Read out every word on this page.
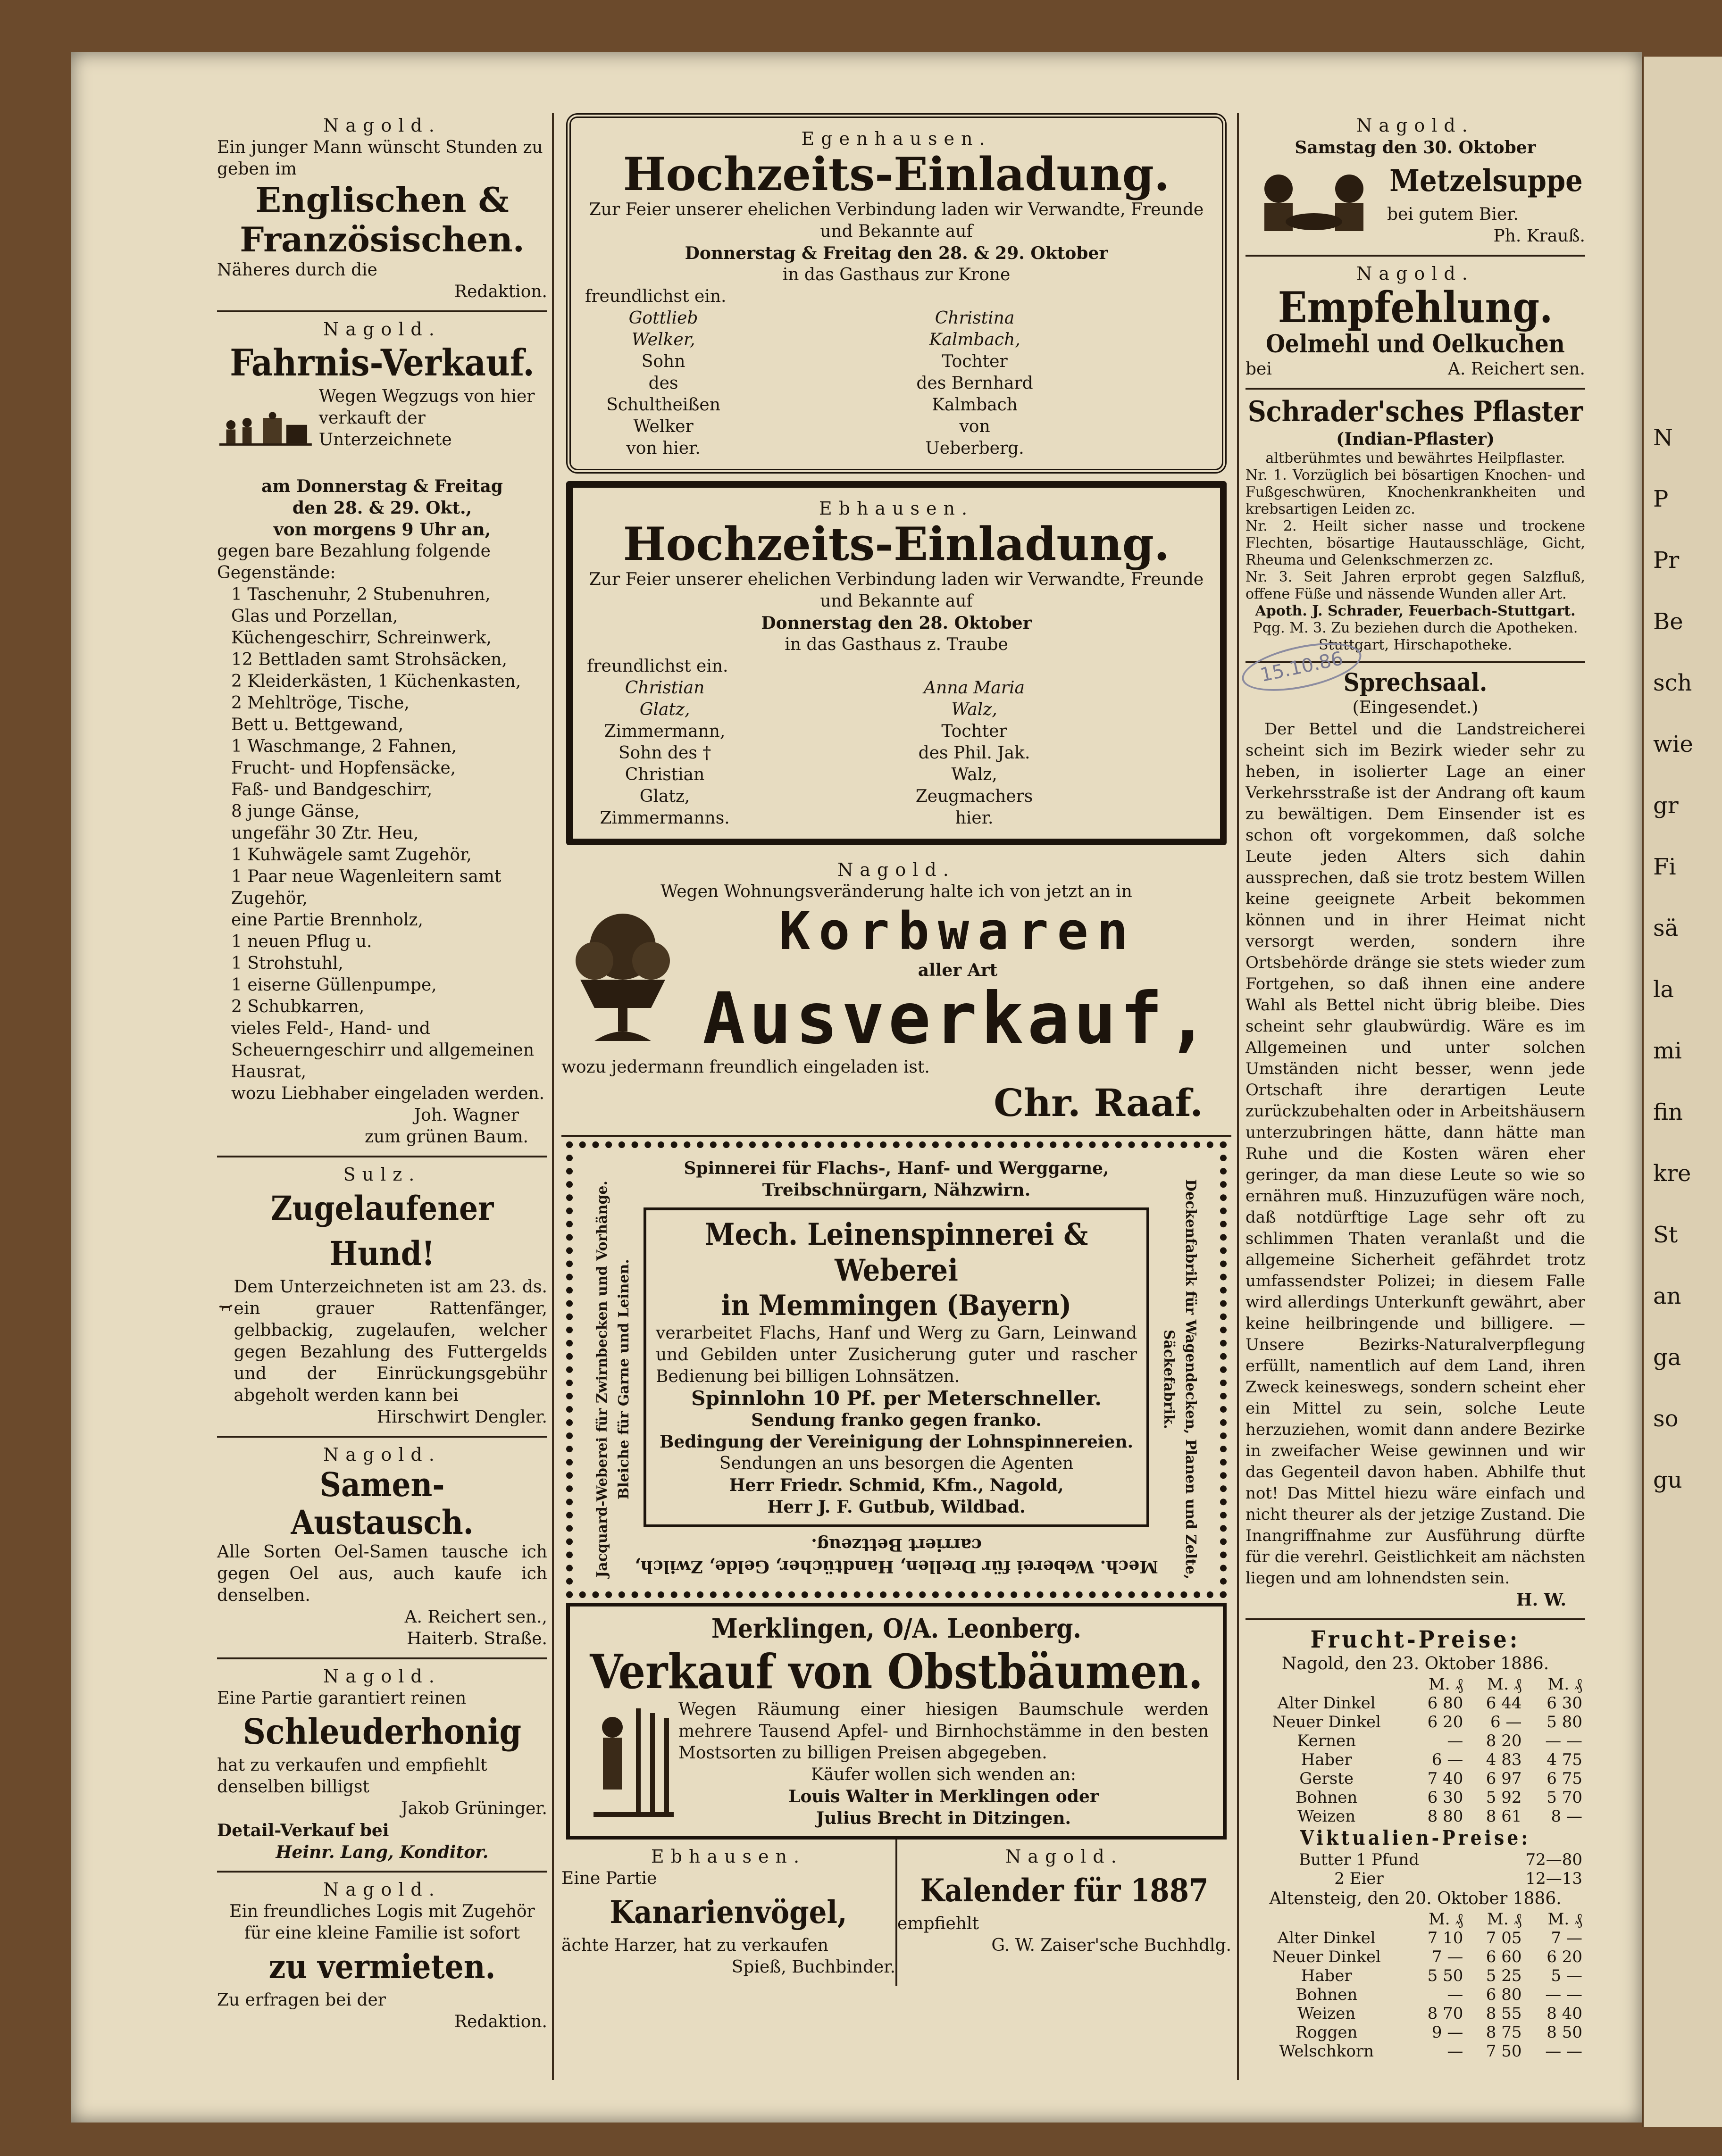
N
P
Pr
Be
sch
wie
gr
Fi
sä
la
mi
fin
kre
St
an
ga
so
gu
Nagold.
Ein junger Mann wünscht Stunden zu geben im
Englischen &
Französischen.
Näheres durch die
Redaktion.
Nagold.
Fahrnis-Verkauf.
Wegen Wegzugs von hier verkauft der Unterzeichnete
am Donnerstag & Freitag
den 28. & 29. Okt.,
von morgens 9 Uhr an,
gegen bare Bezahlung folgende Gegenstände:
1 Taschenuhr, 2 Stubenuhren,
Glas und Porzellan,
Küchengeschirr, Schreinwerk,
12 Bettladen samt Strohsäcken,
2 Kleiderkästen, 1 Küchenkasten,
2 Mehltröge, Tische,
Bett u. Bettgewand,
1 Waschmange, 2 Fahnen,
Frucht- und Hopfensäcke,
Faß- und Bandgeschirr,
8 junge Gänse,
ungefähr 30 Ztr. Heu,
1 Kuhwägele samt Zugehör,
1 Paar neue Wagenleitern samt Zugehör,
eine Partie Brennholz,
1 neuen Pflug u.
1 Strohstuhl,
1 eiserne Güllenpumpe,
2 Schubkarren,
vieles Feld-, Hand- und Scheuerngeschirr und allgemeinen Hausrat,
wozu Liebhaber eingeladen werden.
Joh. Wagner
zum grünen Baum.
Sulz.
Zugelaufener Hund!
Dem Unterzeichneten ist am 23. ds. ein grauer Rattenfänger, gelbbackig, zugelaufen, welcher gegen Bezahlung des Futtergelds und der Einrückungsgebühr abgeholt werden kann bei
Hirschwirt Dengler.
Nagold.
Samen-
Austausch.
Alle Sorten Oel-Samen tausche ich gegen Oel aus, auch kaufe ich denselben.
A. Reichert sen.,
Haiterb. Straße.
Nagold.
Eine Partie garantiert reinen
Schleuderhonig
hat zu verkaufen und empfiehlt denselben billigst
Jakob Grüninger.
Detail-Verkauf bei
Heinr. Lang, Konditor.
Nagold.
Ein freundliches Logis mit Zugehör für eine kleine Familie ist sofort
zu vermieten.
Zu erfragen bei der
Redaktion.
Egenhausen.
Hochzeits-Einladung.
Zur Feier unserer ehelichen Verbindung laden wir Verwandte, Freunde und Bekannte auf
Donnerstag & Freitag den 28. & 29. Oktober
in das Gasthaus zur Krone
freundlichst ein.
Gottlieb Welker,
Sohn
des Schultheißen Welker
von hier.
Christina Kalmbach,
Tochter
des Bernhard Kalmbach
von Ueberberg.
Ebhausen.
Hochzeits-Einladung.
Zur Feier unserer ehelichen Verbindung laden wir Verwandte, Freunde und Bekannte auf
Donnerstag den 28. Oktober
in das Gasthaus z. Traube
freundlichst ein.
Christian Glatz,
Zimmermann,
Sohn des † Christian Glatz,
Zimmermanns.
Anna Maria Walz,
Tochter
des Phil. Jak. Walz,
Zeugmachers hier.
Nagold.
Wegen Wohnungsveränderung halte ich von jetzt an in
Korbwaren
aller Art
Ausverkauf,
wozu jedermann freundlich eingeladen ist.
Chr. Raaf.
Spinnerei für Flachs-, Hanf- und Werggarne, Treibschnürgarn, Nähzwirn.
Jacquard-Weberei für Zwirnbecken und Vorhänge. Bleiche für Garne und Leinen.	Deckenfabrik für Wagendecken, Planen und Zelte, Säckefabrik.
Mech. Leinenspinnerei & Weberei
in Memmingen (Bayern)
verarbeitet Flachs, Hanf und Werg zu Garn, Leinwand und Gebilden unter Zusicherung guter und rascher Bedienung bei billigen Lohnsätzen.
Spinnlohn 10 Pf. per Meterschneller.
Sendung franko gegen franko.
Bedingung der Vereinigung der Lohnspinnereien.
Sendungen an uns besorgen die Agenten
Herr Friedr. Schmid, Kfm., Nagold,
Herr J. F. Gutbub, Wildbad.
Mech. Weberei für Drellen, Handtücher, Gelde, Zwilch, carriert Bettzeug.
Merklingen, O/A. Leonberg.
Verkauf von Obstbäumen.
Wegen Räumung einer hiesigen Baumschule werden mehrere Tausend Apfel- und Birnhochstämme in den besten Mostsorten zu billigen Preisen abgegeben.
Käufer wollen sich wenden an:
Louis Walter in Merklingen oder
Julius Brecht in Ditzingen.
Ebhausen.
Eine Partie
Kanarienvögel,
ächte Harzer, hat zu verkaufen
Spieß, Buchbinder.
Nagold.
Kalender für 1887
empfiehlt
G. W. Zaiser'sche Buchhdlg.
Nagold.
Samstag den 30. Oktober
Metzelsuppe
bei gutem Bier.
Ph. Krauß.
Nagold.
Empfehlung.
Oelmehl und Oelkuchen
bei	A. Reichert sen.
Schrader'sches Pflaster
(Indian-Pflaster)
altberühmtes und bewährtes Heilpflaster.
Nr. 1. Vorzüglich bei bösartigen Knochen- und Fußgeschwüren, Knochenkrankheiten und krebsartigen Leiden zc.
Nr. 2. Heilt sicher nasse und trockene Flechten, bösartige Hautausschläge, Gicht, Rheuma und Gelenkschmerzen zc.
Nr. 3. Seit Jahren erprobt gegen Salzfluß, offene Füße und nässende Wunden aller Art.
Apoth. J. Schrader, Feuerbach-Stuttgart.
Pqg. M. 3. Zu beziehen durch die Apotheken.
Stuttgart, Hirschapotheke.
Sprechsaal.
(Eingesendet.)
Der Bettel und die Landstreicherei scheint sich im Bezirk wieder sehr zu heben, in isolierter Lage an einer Verkehrsstraße ist der Andrang oft kaum zu bewältigen. Dem Einsender ist es schon oft vorgekommen, daß solche Leute jeden Alters sich dahin aussprechen, daß sie trotz bestem Willen keine geeignete Arbeit bekommen können und in ihrer Heimat nicht versorgt werden, sondern ihre Ortsbehörde dränge sie stets wieder zum Fortgehen, so daß ihnen eine andere Wahl als Bettel nicht übrig bleibe. Dies scheint sehr glaubwürdig. Wäre es im Allgemeinen und unter solchen Umständen nicht besser, wenn jede Ortschaft ihre derartigen Leute zurückzubehalten oder in Arbeitshäusern unterzubringen hätte, dann hätte man Ruhe und die Kosten wären eher geringer, da man diese Leute so wie so ernähren muß. Hinzuzufügen wäre noch, daß notdürftige Lage sehr oft zu schlimmen Thaten veranlaßt und die allgemeine Sicherheit gefährdet trotz umfassendster Polizei; in diesem Falle wird allerdings Unterkunft gewährt, aber keine heilbringende und billigere. — Unsere Bezirks-Naturalverpflegung erfüllt, namentlich auf dem Land, ihren Zweck keineswegs, sondern scheint eher ein Mittel zu sein, solche Leute herzuziehen, womit dann andere Bezirke in zweifacher Weise gewinnen und wir das Gegenteil davon haben. Abhilfe thut not! Das Mittel hiezu wäre einfach und nicht theurer als der jetzige Zustand. Die Inangriffnahme zur Ausführung dürfte für die verehrl. Geistlichkeit am nächsten liegen und am lohnendsten sein.
H. W.
Frucht-Preise:
Nagold, den 23. Oktober 1886.
	M. ₰	M. ₰	M. ₰
Alter Dinkel	6 80	6 44	6 30
Neuer Dinkel	6 20	6 —	5 80
Kernen	—	8 20	— —
Haber	6 —	4 83	4 75
Gerste	7 40	6 97	6 75
Bohnen	6 30	5 92	5 70
Weizen	8 80	8 61	8 —
Viktualien-Preise:
Butter 1 Pfund	72—80
2 Eier	12—13
Altensteig, den 20. Oktober 1886.
	M. ₰	M. ₰	M. ₰
Alter Dinkel	7 10	7 05	7 —
Neuer Dinkel	7 —	6 60	6 20
Haber	5 50	5 25	5 —
Bohnen	—	6 80	— —
Weizen	8 70	8 55	8 40
Roggen	9 —	8 75	8 50
Welschkorn	—	7 50	— —
15.10.86
